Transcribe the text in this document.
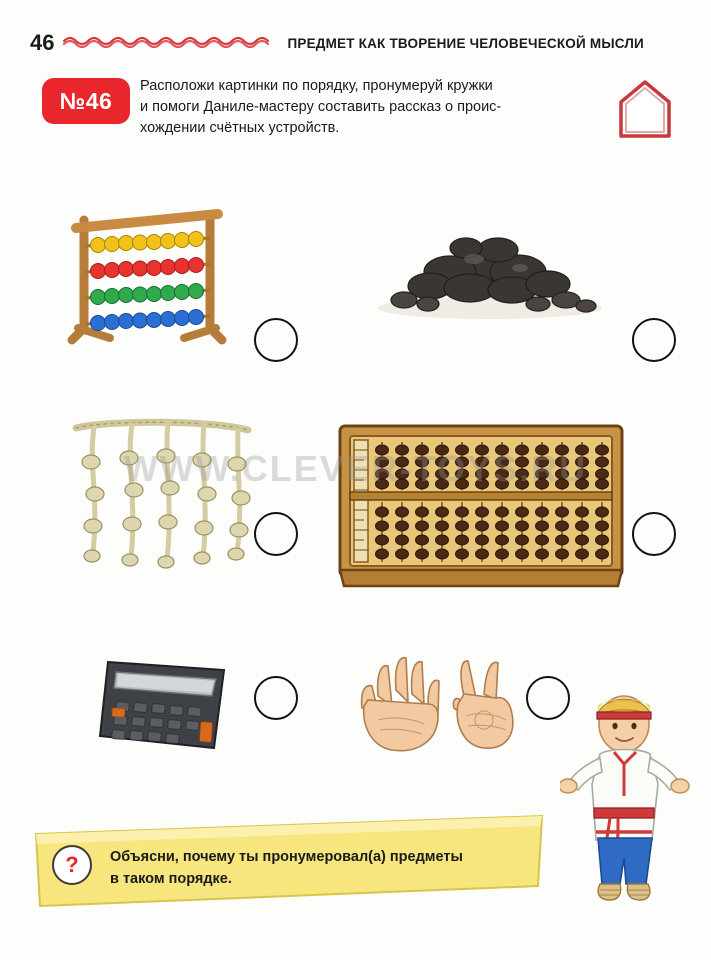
46	ПРЕДМЕТ КАК ТВОРЕНИЕ ЧЕЛОВЕЧЕСКОЙ МЫСЛИ
№46
Расположи картинки по порядку, пронумеруй кружки
и помоги Даниле-мастеру составить рассказ о проис-
хождении счётных устройств.
WWW.CLEVER-TOYS.RU
?	Объясни, почему ты пронумеровал(а) предметы
в таком порядке.
